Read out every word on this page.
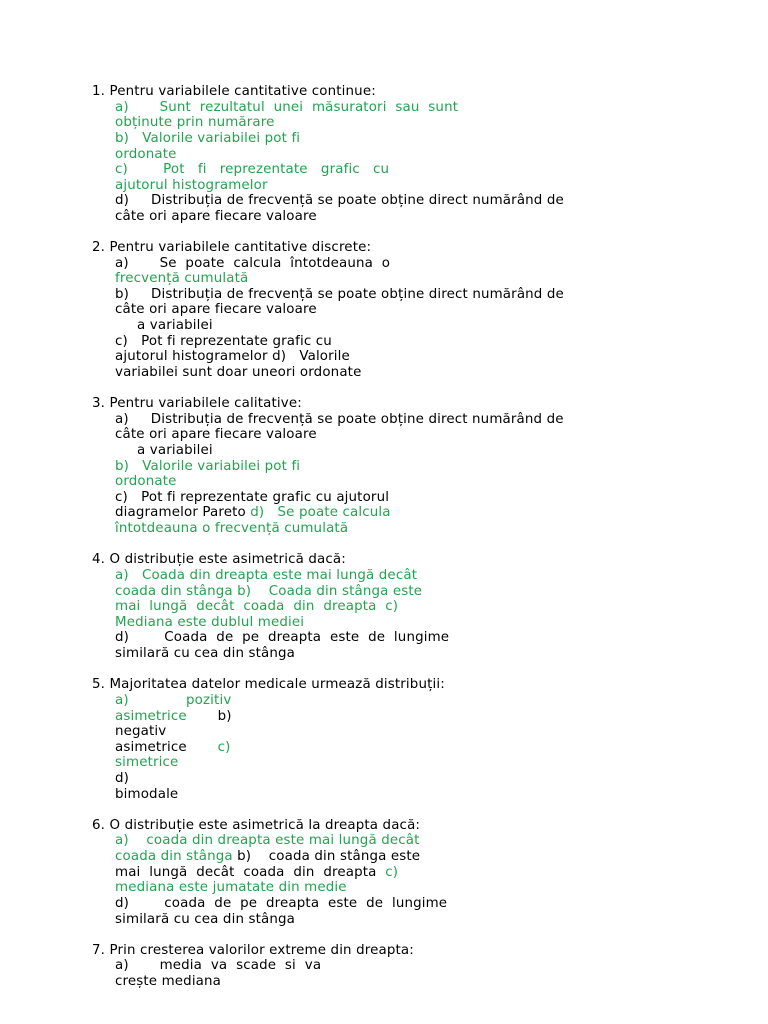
1. Pentru variabilele cantitative continue:
a)       Sunt  rezultatul  unei  măsuratori  sau  sunt
obținute prin numărare
b)   Valorile variabilei pot fi
ordonate
c)        Pot   fi   reprezentate   grafic   cu
ajutorul histogramelor
d)     Distribuția de frecvență se poate obține direct numărând de
câte ori apare fiecare valoare
2. Pentru variabilele cantitative discrete:
a)       Se  poate  calcula  întotdeauna  o
frecvență cumulată
b)     Distribuția de frecvență se poate obține direct numărând de
câte ori apare fiecare valoare
a variabilei
c)   Pot fi reprezentate grafic cu
ajutorul histogramelor d)   Valorile
variabilei sunt doar uneori ordonate
3. Pentru variabilele calitative:
a)     Distribuția de frecvență se poate obține direct numărând de
câte ori apare fiecare valoare
a variabilei
b)   Valorile variabilei pot fi
ordonate
c)   Pot fi reprezentate grafic cu ajutorul
diagramelor Pareto d)   Se poate calcula
întotdeauna o frecvență cumulată
4. O distribuție este asimetrică dacă:
a)   Coada din dreapta este mai lungă decât
coada din stânga b)    Coada din stânga este
mai  lungă  decât  coada  din  dreapta  c)
Mediana este dublul mediei
d)        Coada  de  pe  dreapta  este  de  lungime
similară cu cea din stânga
5. Majoritatea datelor medicale urmează distribuții:
a)             pozitiv
asimetrice       b)
negativ
asimetrice       c)
simetrice
d)
bimodale
6. O distribuție este asimetrică la dreapta dacă:
a)    coada din dreapta este mai lungă decât
coada din stânga b)    coada din stânga este
mai  lungă  decât  coada  din  dreapta  c)
mediana este jumatate din medie
d)        coada  de  pe  dreapta  este  de  lungime
similară cu cea din stânga
7. Prin cresterea valorilor extreme din dreapta:
a)       media  va  scade  si  va
crește mediana
